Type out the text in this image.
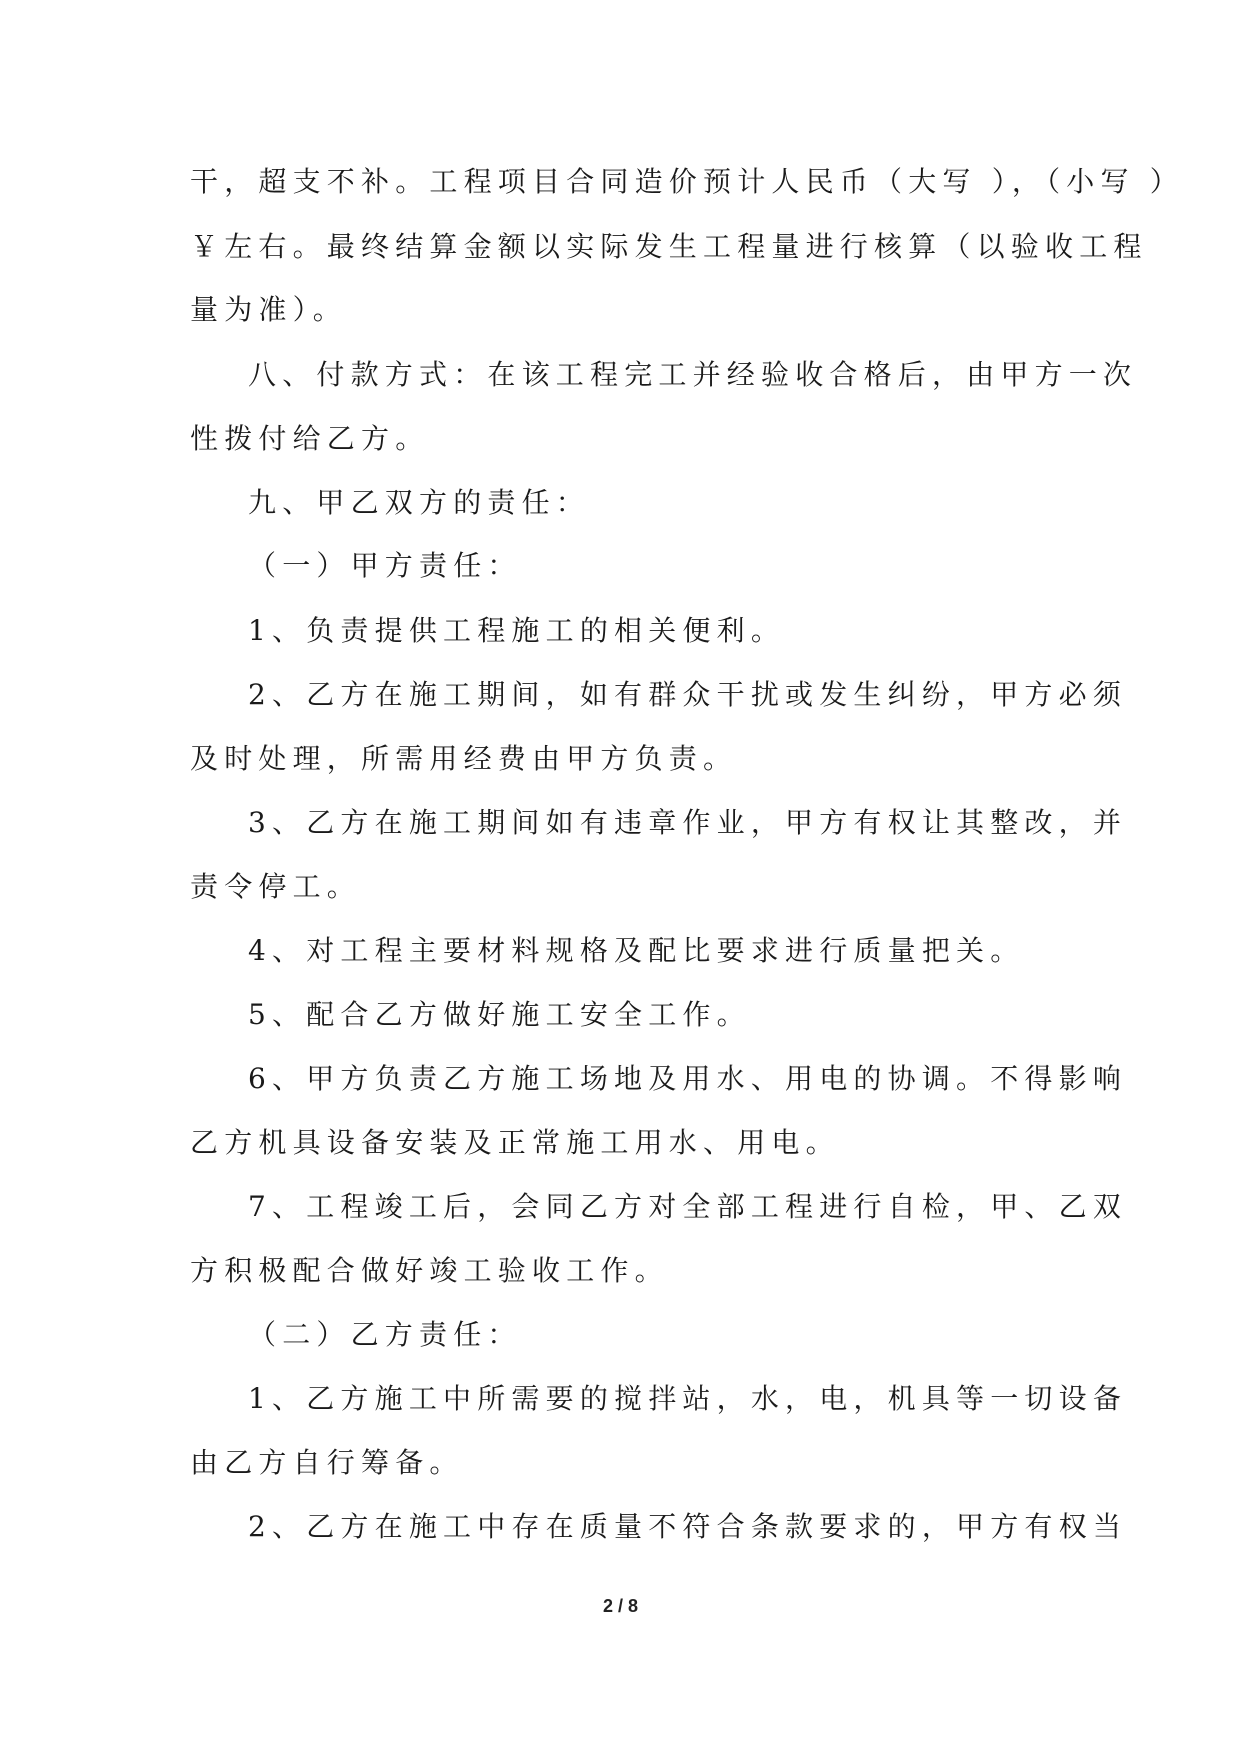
干，超支不补。工程项目合同造价预计人民币（大写 ），（小写 ）
￥左右。最终结算金额以实际发生工程量进行核算（以验收工程
量为准）。
八、付款方式：在该工程完工并经验收合格后，由甲方一次
性拨付给乙方。
九、甲乙双方的责任：
（一）甲方责任：
1、负责提供工程施工的相关便利。
2、乙方在施工期间，如有群众干扰或发生纠纷，甲方必须
及时处理，所需用经费由甲方负责。
3、乙方在施工期间如有违章作业，甲方有权让其整改，并
责令停工。
4、对工程主要材料规格及配比要求进行质量把关。
5、配合乙方做好施工安全工作。
6、甲方负责乙方施工场地及用水、用电的协调。不得影响
乙方机具设备安装及正常施工用水、用电。
7、工程竣工后，会同乙方对全部工程进行自检，甲、乙双
方积极配合做好竣工验收工作。
（二）乙方责任：
1、乙方施工中所需要的搅拌站，水，电，机具等一切设备
由乙方自行筹备。
2、乙方在施工中存在质量不符合条款要求的，甲方有权当
2 / 8
